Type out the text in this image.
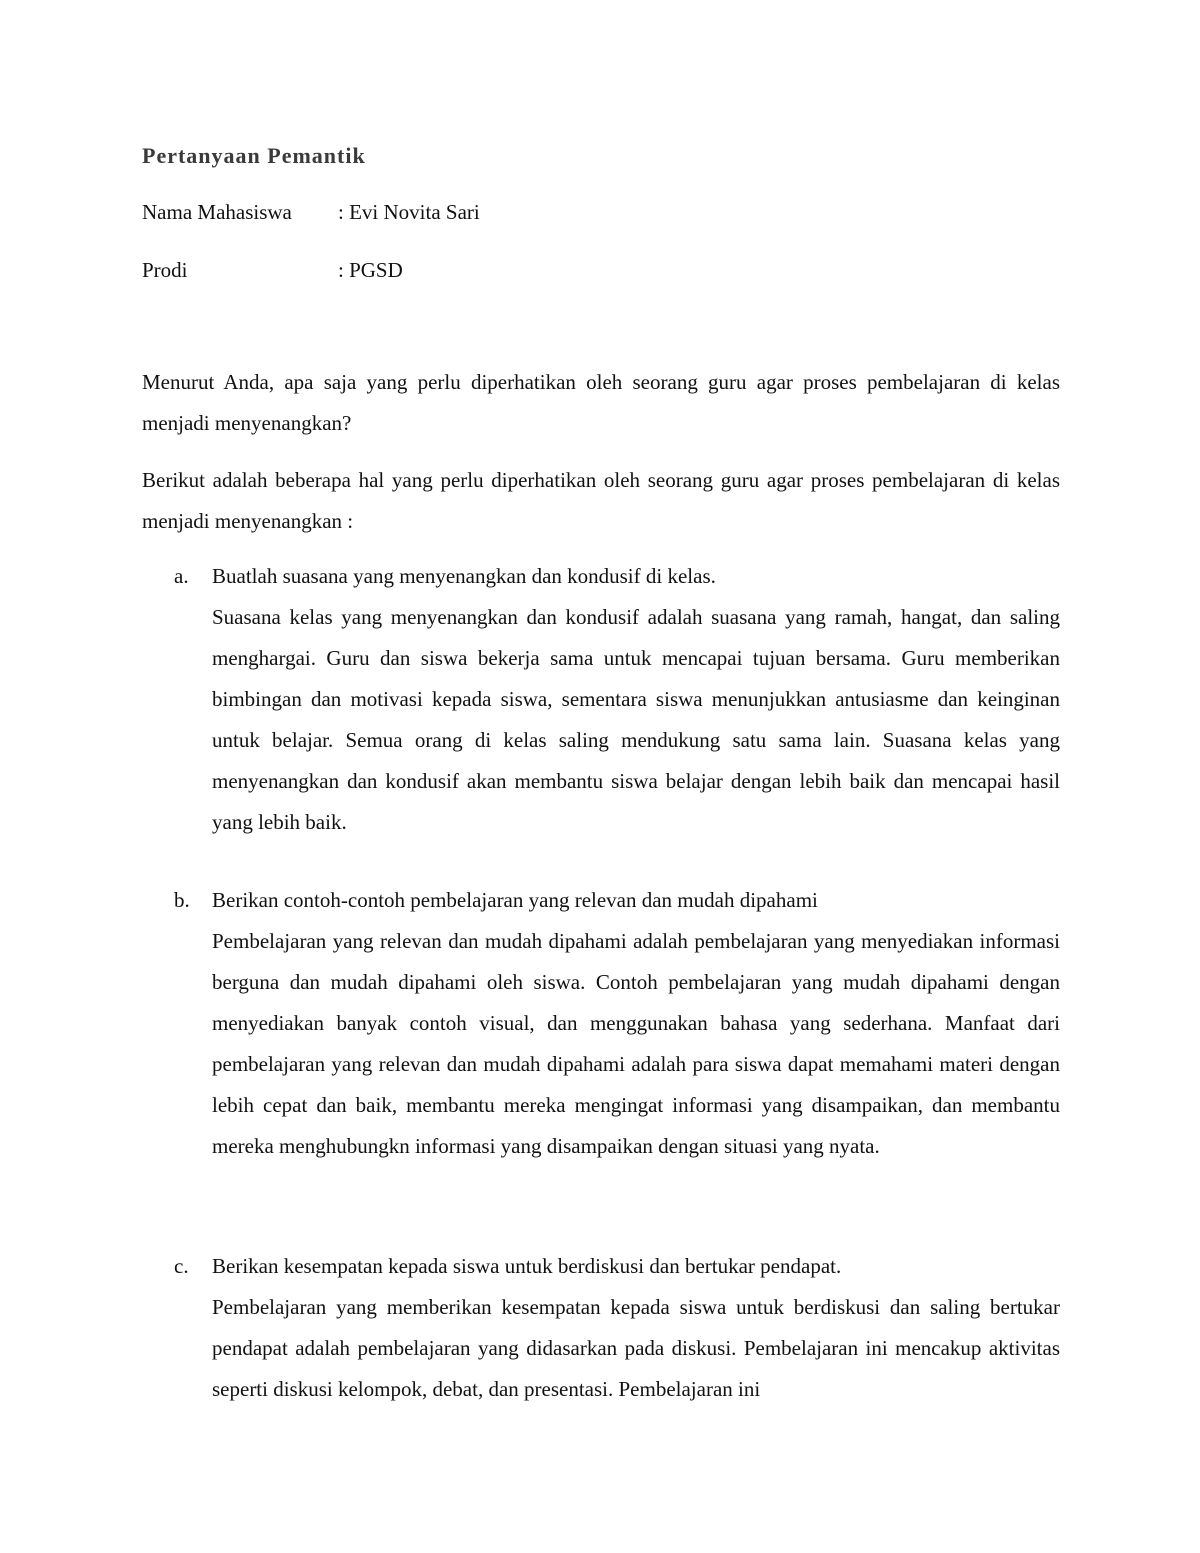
Pertanyaan Pemantik
Nama Mahasiswa : Evi Novita Sari
Prodi	: PGSD

Menurut Anda, apa saja yang perlu diperhatikan oleh seorang guru agar proses pembelajaran di kelas menjadi menyenangkan?

Berikut adalah beberapa hal yang perlu diperhatikan oleh seorang guru agar proses pembelajaran di kelas menjadi menyenangkan :

a. Buatlah suasana yang menyenangkan dan kondusif di kelas.
Suasana kelas yang menyenangkan dan kondusif adalah suasana yang ramah, hangat, dan saling menghargai. Guru dan siswa bekerja sama untuk mencapai tujuan bersama. Guru memberikan bimbingan dan motivasi kepada siswa, sementara siswa menunjukkan antusiasme dan keinginan untuk belajar. Semua orang di kelas saling mendukung satu sama lain. Suasana kelas yang menyenangkan dan kondusif akan membantu siswa belajar dengan lebih baik dan mencapai hasil yang lebih baik.
b. Berikan contoh-contoh pembelajaran yang relevan dan mudah dipahami
Pembelajaran yang relevan dan mudah dipahami adalah pembelajaran yang menyediakan informasi berguna dan mudah dipahami oleh siswa. Contoh pembelajaran yang mudah dipahami dengan menyediakan banyak contoh visual, dan menggunakan bahasa yang sederhana. Manfaat dari pembelajaran yang relevan dan mudah dipahami adalah para siswa dapat memahami materi dengan lebih cepat dan baik, membantu mereka mengingat informasi yang disampaikan, dan membantu mereka menghubungkn informasi yang disampaikan dengan situasi yang nyata.
c. Berikan kesempatan kepada siswa untuk berdiskusi dan bertukar pendapat.
Pembelajaran yang memberikan kesempatan kepada siswa untuk berdiskusi dan saling bertukar pendapat adalah pembelajaran yang didasarkan pada diskusi. Pembelajaran ini mencakup aktivitas seperti diskusi kelompok, debat, dan presentasi. Pembelajaran ini
